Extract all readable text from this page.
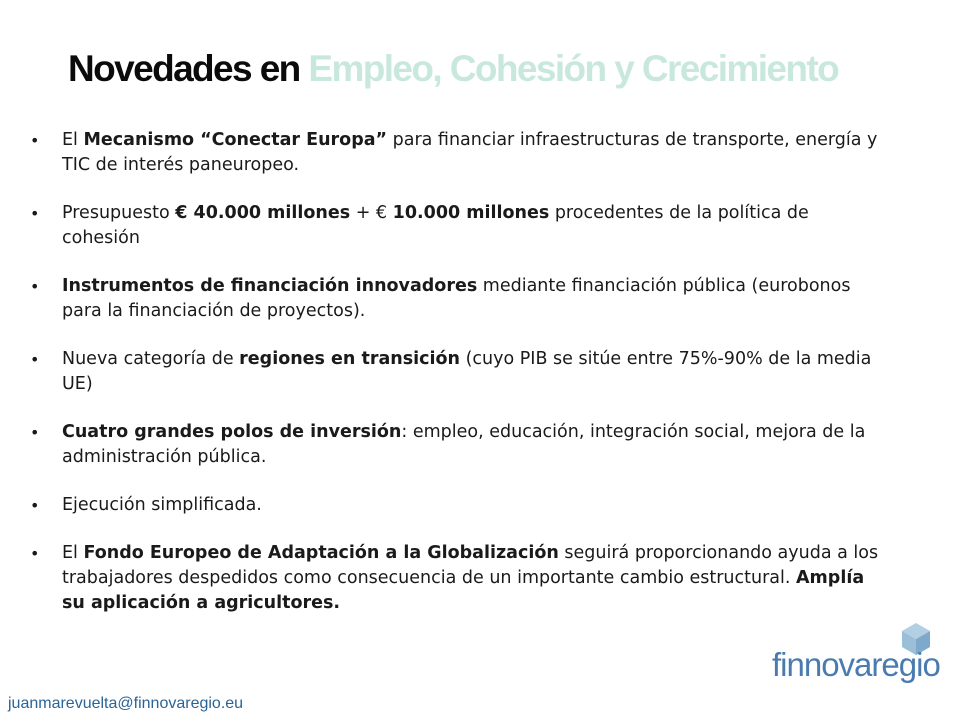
Novedades en Empleo, Cohesión y Crecimiento
• El Mecanismo “Conectar Europa” para financiar infraestructuras de transporte, energía y TIC de interés paneuropeo.
• Presupuesto € 40.000 millones + € 10.000 millones procedentes de la política de cohesión
• Instrumentos de financiación innovadores mediante financiación pública (eurobonos para la financiación de proyectos).
• Nueva categoría de regiones en transición (cuyo PIB se sitúe entre 75%-90% de la media UE)
• Cuatro grandes polos de inversión: empleo, educación, integración social, mejora de la administración pública.
• Ejecución simplificada.
• El Fondo Europeo de Adaptación a la Globalización seguirá proporcionando ayuda a los trabajadores despedidos como consecuencia de un importante cambio estructural. Amplía su aplicación a agricultores.
juanmarevuelta@finnovaregio.eu
finnovaregio
